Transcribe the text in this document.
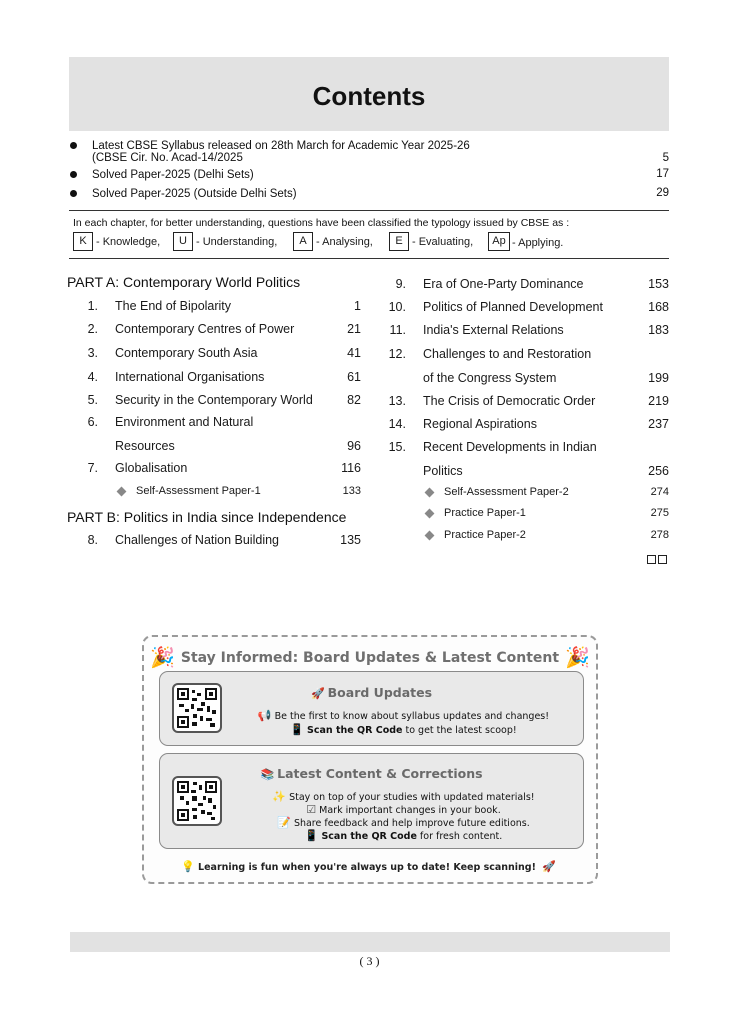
Contents
Latest CBSE Syllabus released on 28th March for Academic Year 2025-26
(CBSE Cir. No. Acad-14/2025	5
Solved Paper-2025 (Delhi Sets)	17
Solved Paper-2025 (Outside Delhi Sets)	29
In each chapter, for better understanding, questions have been classified the typology issued by CBSE as :
K - Knowledge,	U - Understanding,	A - Analysing,	E - Evaluating,	Ap - Applying.
PART A: Contemporary World Politics
1. The End of Bipolarity	1
2. Contemporary Centres of Power	21
3. Contemporary South Asia	41
4. International Organisations	61
5. Security in the Contemporary World	82
6. Environment and Natural
Resources	96
7. Globalisation	116
Self-Assessment Paper-1	133
PART B: Politics in India since Independence
8. Challenges of Nation Building	135
9. Era of One-Party Dominance	153
10. Politics of Planned Development	168
11. India's External Relations	183
12. Challenges to and Restoration
of the Congress System	199
13. The Crisis of Democratic Order	219
14. Regional Aspirations	237
15. Recent Developments in Indian
Politics	256
Self-Assessment Paper-2	274
Practice Paper-1	275
Practice Paper-2	278
🎉	🎉
Stay Informed: Board Updates & Latest Content
🚀 Board Updates
📢 Be the first to know about syllabus updates and changes!
📱 Scan the QR Code to get the latest scoop!
📚 Latest Content & Corrections
✨ Stay on top of your studies with updated materials!
☑ Mark important changes in your book.
📝 Share feedback and help improve future editions.
📱 Scan the QR Code for fresh content.
💡 Learning is fun when you're always up to date! Keep scanning! 🚀
( 3 )
